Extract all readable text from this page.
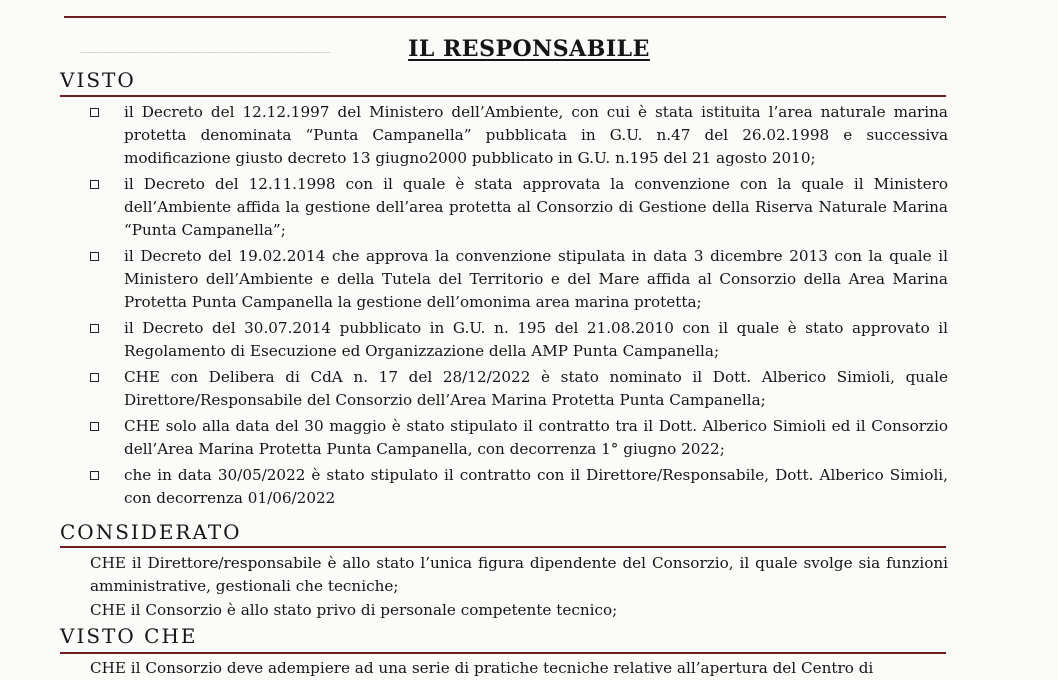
────────────────────────────────	IL RESPONSABILE
VISTO
il Decreto del 12.12.1997 del Ministero dell’Ambiente, con cui è stata istituita l’area naturale marina protetta denominata “Punta Campanella” pubblicata in G.U. n.47 del 26.02.1998 e successiva modificazione giusto decreto 13 giugno2000 pubblicato in G.U. n.195 del 21 agosto 2010;
il Decreto del 12.11.1998 con il quale è stata approvata la convenzione con la quale il Ministero dell’Ambiente affida la gestione dell’area protetta al Consorzio di Gestione della Riserva Naturale Marina “Punta Campanella”;
il Decreto del 19.02.2014 che approva la convenzione stipulata in data 3 dicembre 2013 con la quale il Ministero dell’Ambiente e della Tutela del Territorio e del Mare affida al Consorzio della Area Marina Protetta Punta Campanella la gestione dell’omonima area marina protetta;
il Decreto del 30.07.2014 pubblicato in G.U. n. 195 del 21.08.2010 con il quale è stato approvato il Regolamento di Esecuzione ed Organizzazione della AMP Punta Campanella;
CHE con Delibera di CdA n. 17 del 28/12/2022 è stato nominato il Dott. Alberico Simioli, quale Direttore/Responsabile del Consorzio dell’Area Marina Protetta Punta Campanella;
CHE solo alla data del 30 maggio è stato stipulato il contratto tra il Dott. Alberico Simioli ed il Consorzio dell’Area Marina Protetta Punta Campanella, con decorrenza 1° giugno 2022;
che in data 30/05/2022 è stato stipulato il contratto con il Direttore/Responsabile, Dott. Alberico Simioli, con decorrenza 01/06/2022
CONSIDERATO
CHE il Direttore/responsabile è allo stato l’unica figura dipendente del Consorzio, il quale svolge sia funzioni amministrative, gestionali che tecniche;
CHE il Consorzio è allo stato privo di personale competente tecnico;
VISTO CHE
CHE il Consorzio deve adempiere ad una serie di pratiche tecniche relative all’apertura del Centro di
